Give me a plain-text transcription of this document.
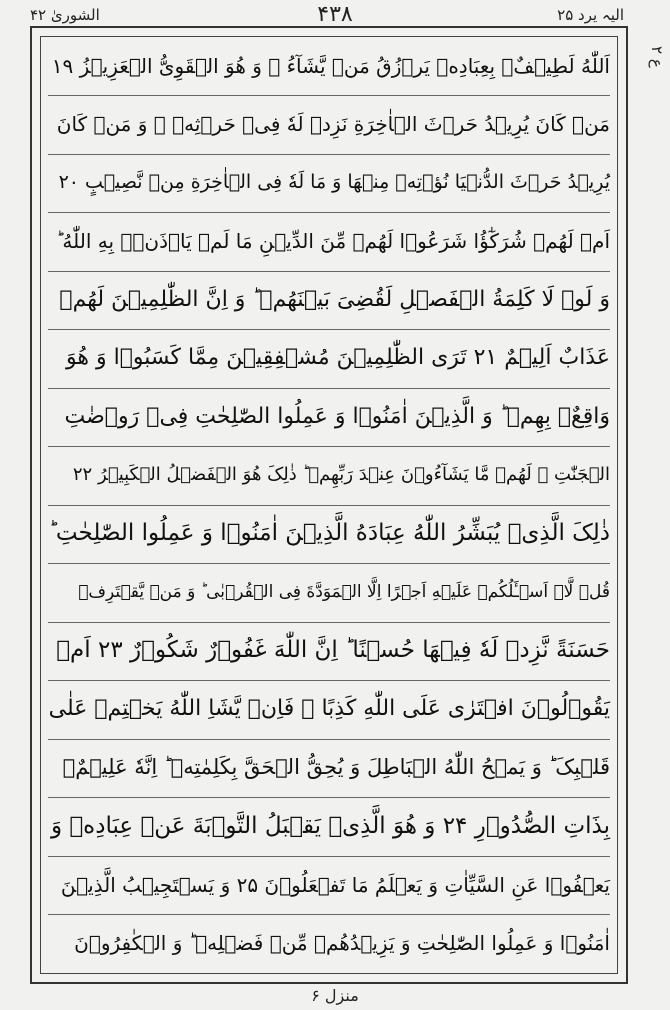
الیہ یرد ۲۵
۴۳۸
الشوریٰ ۴۲
ع ۲
اَللّٰهُ لَطِیۡفٌۢ بِعِبَادِهٖ یَرۡزُقُ مَنۡ یَّشَآءُ ۚ وَ هُوَ الۡقَوِیُّ الۡعَزِیۡزُ ۱۹
مَنۡ کَانَ یُرِیۡدُ حَرۡثَ الۡاٰخِرَةِ نَزِدۡ لَهٗ فِیۡ حَرۡثِهٖ ۚ وَ مَنۡ کَانَ
یُرِیۡدُ حَرۡثَ الدُّنۡیَا نُؤۡتِهٖ مِنۡهَا وَ مَا لَهٗ فِی الۡاٰخِرَةِ مِنۡ نَّصِیۡبٍ ۲۰
اَمۡ لَهُمۡ شُرَکٰٓؤُا شَرَعُوۡا لَهُمۡ مِّنَ الدِّیۡنِ مَا لَمۡ یَاۡذَنۡۢ بِهِ اللّٰهُ ؕ
وَ لَوۡ لَا کَلِمَةُ الۡفَصۡلِ لَقُضِیَ بَیۡنَهُمۡ ؕ وَ اِنَّ الظّٰلِمِیۡنَ لَهُمۡ
عَذَابٌ اَلِیۡمٌ ۲۱ تَرَی الظّٰلِمِیۡنَ مُشۡفِقِیۡنَ مِمَّا کَسَبُوۡا وَ هُوَ
وَاقِعٌۢ بِهِمۡ ؕ وَ الَّذِیۡنَ اٰمَنُوۡا وَ عَمِلُوا الصّٰلِحٰتِ فِیۡ رَوۡضٰتِ
الۡجَنّٰتِ ۚ لَهُمۡ مَّا یَشَآءُوۡنَ عِنۡدَ رَبِّهِمۡ ؕ ذٰلِکَ هُوَ الۡفَضۡلُ الۡکَبِیۡرُ ۲۲
ذٰلِکَ الَّذِیۡ یُبَشِّرُ اللّٰهُ عِبَادَهُ الَّذِیۡنَ اٰمَنُوۡا وَ عَمِلُوا الصّٰلِحٰتِ ؕ
قُلۡ لَّاۤ اَسۡـَٔلُکُمۡ عَلَیۡهِ اَجۡرًا اِلَّا الۡمَوَدَّةَ فِی الۡقُرۡبٰی ؕ وَ مَنۡ یَّقۡتَرِفۡ
حَسَنَةً نَّزِدۡ لَهٗ فِیۡهَا حُسۡنًا ؕ اِنَّ اللّٰهَ غَفُوۡرٌ شَکُوۡرٌ ۲۳ اَمۡ
یَقُوۡلُوۡنَ افۡتَرٰی عَلَی اللّٰهِ کَذِبًا ۚ فَاِنۡ یَّشَاِ اللّٰهُ یَخۡتِمۡ عَلٰی
قَلۡبِکَ ؕ وَ یَمۡحُ اللّٰهُ الۡبَاطِلَ وَ یُحِقُّ الۡحَقَّ بِکَلِمٰتِهٖ ؕ اِنَّهٗ عَلِیۡمٌۢ
بِذَاتِ الصُّدُوۡرِ ۲۴ وَ هُوَ الَّذِیۡ یَقۡبَلُ التَّوۡبَةَ عَنۡ عِبَادِهٖ وَ
یَعۡفُوۡا عَنِ السَّیِّاٰتِ وَ یَعۡلَمُ مَا تَفۡعَلُوۡنَ ۲۵ وَ یَسۡتَجِیۡبُ الَّذِیۡنَ
اٰمَنُوۡا وَ عَمِلُوا الصّٰلِحٰتِ وَ یَزِیۡدُهُمۡ مِّنۡ فَضۡلِهٖ ؕ وَ الۡکٰفِرُوۡنَ
منزل ۶
